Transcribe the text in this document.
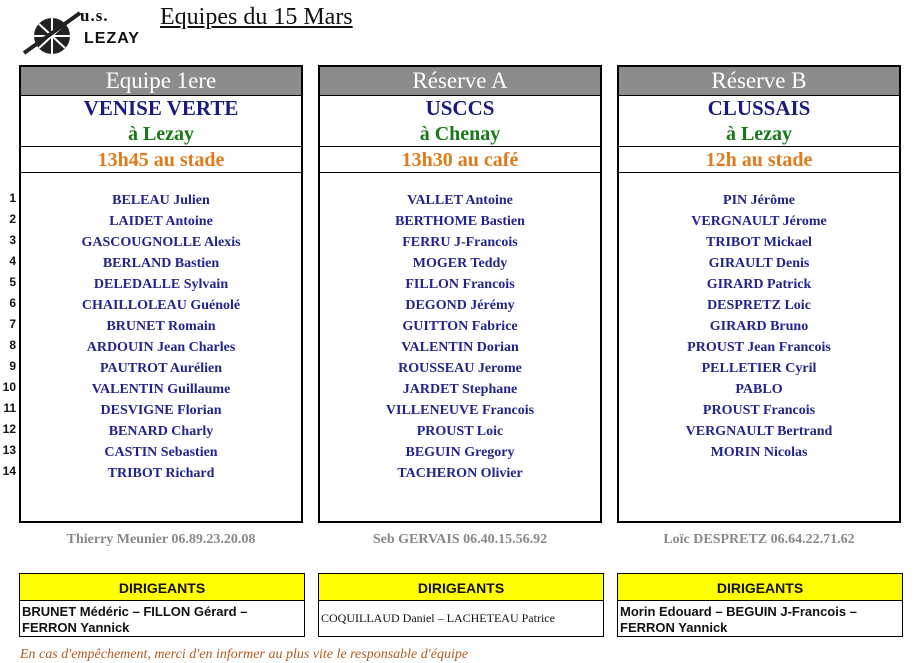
u.s.
LEZAY
Equipes du 15 Mars
1
2
3
4
5
6
7
8
9
10
11
12
13
14
Equipe 1ere
VENISE VERTE
à Lezay
13h45 au stade
BELEAU Julien
LAIDET Antoine
GASCOUGNOLLE Alexis
BERLAND Bastien
DELEDALLE Sylvain
CHAILLOLEAU Guénolé
BRUNET Romain
ARDOUIN Jean Charles
PAUTROT Aurélien
VALENTIN Guillaume
DESVIGNE Florian
BENARD Charly
CASTIN Sebastien
TRIBOT Richard
Réserve A
USCCS
à Chenay
13h30 au café
VALLET Antoine
BERTHOME Bastien
FERRU J-Francois
MOGER Teddy
FILLON Francois
DEGOND Jérémy
GUITTON Fabrice
VALENTIN Dorian
ROUSSEAU Jerome
JARDET Stephane
VILLENEUVE Francois
PROUST Loic
BEGUIN Gregory
TACHERON Olivier
Réserve B
CLUSSAIS
à Lezay
12h au stade
PIN Jérôme
VERGNAULT Jérome
TRIBOT Mickael
GIRAULT Denis
GIRARD Patrick
DESPRETZ Loic
GIRARD Bruno
PROUST Jean Francois
PELLETIER Cyril
PABLO
PROUST Francois
VERGNAULT Bertrand
MORIN Nicolas
Thierry Meunier 06.89.23.20.08	Seb GERVAIS 06.40.15.56.92	Loïc DESPRETZ 06.64.22.71.62
DIRIGEANTS
BRUNET Médéric – FILLON Gérard – FERRON Yannick
DIRIGEANTS
COQUILLAUD Daniel – LACHETEAU Patrice
DIRIGEANTS
Morin Edouard – BEGUIN J-Francois – FERRON Yannick
En cas d'empêchement, merci d'en informer au plus vite le responsable d'équipe
